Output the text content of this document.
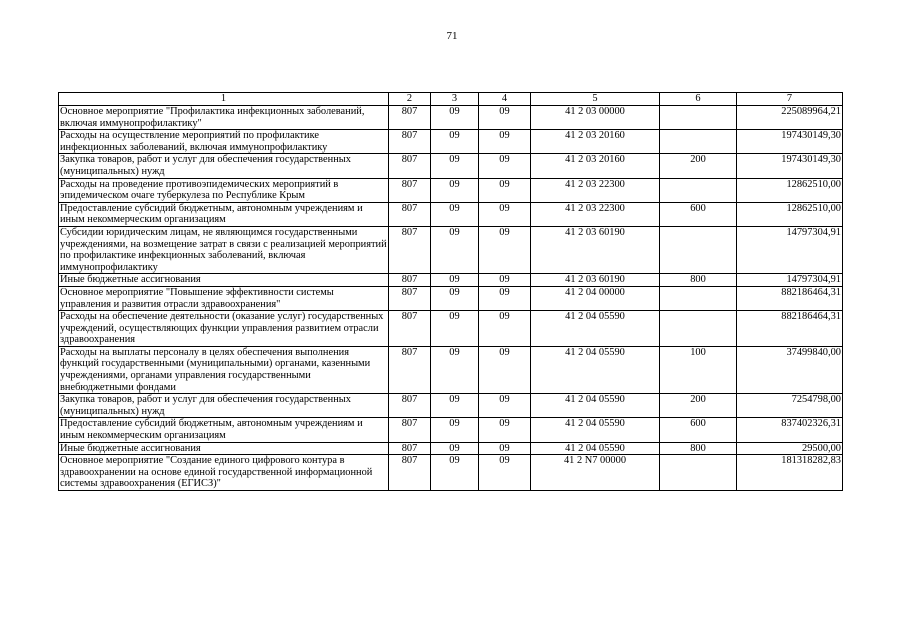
71
1	2	3	4	5	6	7
Основное мероприятие "Профилактика инфекционных заболеваний, включая иммунопрофилактику"	807	09	09	41 2 03 00000		225089964,21
Расходы на осуществление мероприятий по профилактике инфекционных заболеваний, включая иммунопрофилактику	807	09	09	41 2 03 20160		197430149,30
Закупка товаров, работ и услуг для обеспечения государственных (муниципальных) нужд	807	09	09	41 2 03 20160	200	197430149,30
Расходы на проведение противоэпидемических мероприятий в эпидемическом очаге туберкулеза по Республике Крым	807	09	09	41 2 03 22300		12862510,00
Предоставление субсидий бюджетным, автономным учреждениям и иным некоммерческим организациям	807	09	09	41 2 03 22300	600	12862510,00
Субсидии юридическим лицам, не являющимся государственными учреждениями, на возмещение затрат в связи с реализацией мероприятий по профилактике инфекционных заболеваний, включая иммунопрофилактику	807	09	09	41 2 03 60190		14797304,91
Иные бюджетные ассигнования	807	09	09	41 2 03 60190	800	14797304,91
Основное мероприятие "Повышение эффективности системы управления и развития отрасли здравоохранения"	807	09	09	41 2 04 00000		882186464,31
Расходы на обеспечение деятельности (оказание услуг) государственных учреждений, осуществляющих функции управления развитием отрасли здравоохранения	807	09	09	41 2 04 05590		882186464,31
Расходы на выплаты персоналу в целях обеспечения выполнения функций государственными (муниципальными) органами, казенными учреждениями, органами управления государственными внебюджетными фондами	807	09	09	41 2 04 05590	100	37499840,00
Закупка товаров, работ и услуг для обеспечения государственных (муниципальных) нужд	807	09	09	41 2 04 05590	200	7254798,00
Предоставление субсидий бюджетным, автономным учреждениям и иным некоммерческим организациям	807	09	09	41 2 04 05590	600	837402326,31
Иные бюджетные ассигнования	807	09	09	41 2 04 05590	800	29500,00
Основное мероприятие "Создание единого цифрового контура в здравоохранении на основе единой государственной информационной системы здравоохранения (ЕГИСЗ)"	807	09	09	41 2 N7 00000		181318282,83
